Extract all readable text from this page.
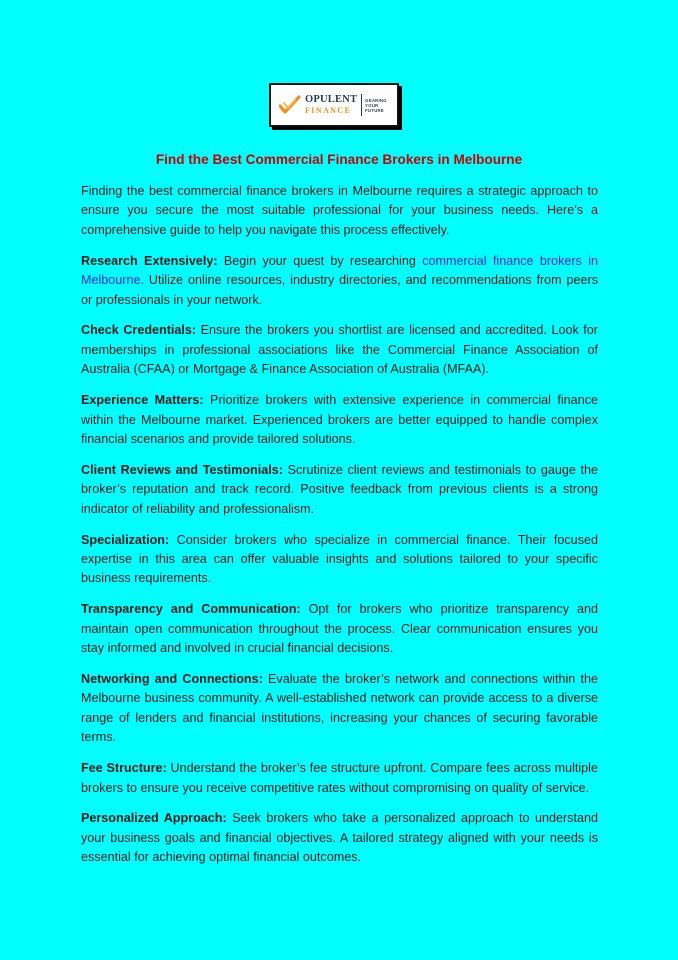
OPULENT
FINANCE
GEARING
YOUR
FUTURE
Find the Best Commercial Finance Brokers in Melbourne

Finding the best commercial finance brokers in Melbourne requires a strategic approach to ensure you secure the most suitable professional for your business needs. Here’s a comprehensive guide to help you navigate this process effectively.

Research Extensively: Begin your quest by researching commercial finance brokers in Melbourne. Utilize online resources, industry directories, and recommendations from peers or professionals in your network.

Check Credentials: Ensure the brokers you shortlist are licensed and accredited. Look for memberships in professional associations like the Commercial Finance Association of Australia (CFAA) or Mortgage & Finance Association of Australia (MFAA).

Experience Matters: Prioritize brokers with extensive experience in commercial finance within the Melbourne market. Experienced brokers are better equipped to handle complex financial scenarios and provide tailored solutions.

Client Reviews and Testimonials: Scrutinize client reviews and testimonials to gauge the broker’s reputation and track record. Positive feedback from previous clients is a strong indicator of reliability and professionalism.

Specialization: Consider brokers who specialize in commercial finance. Their focused expertise in this area can offer valuable insights and solutions tailored to your specific business requirements.

Transparency and Communication: Opt for brokers who prioritize transparency and maintain open communication throughout the process. Clear communication ensures you stay informed and involved in crucial financial decisions.

Networking and Connections: Evaluate the broker’s network and connections within the Melbourne business community. A well-established network can provide access to a diverse range of lenders and financial institutions, increasing your chances of securing favorable terms.

Fee Structure: Understand the broker’s fee structure upfront. Compare fees across multiple brokers to ensure you receive competitive rates without compromising on quality of service.

Personalized Approach: Seek brokers who take a personalized approach to understand your business goals and financial objectives. A tailored strategy aligned with your needs is essential for achieving optimal financial outcomes.
